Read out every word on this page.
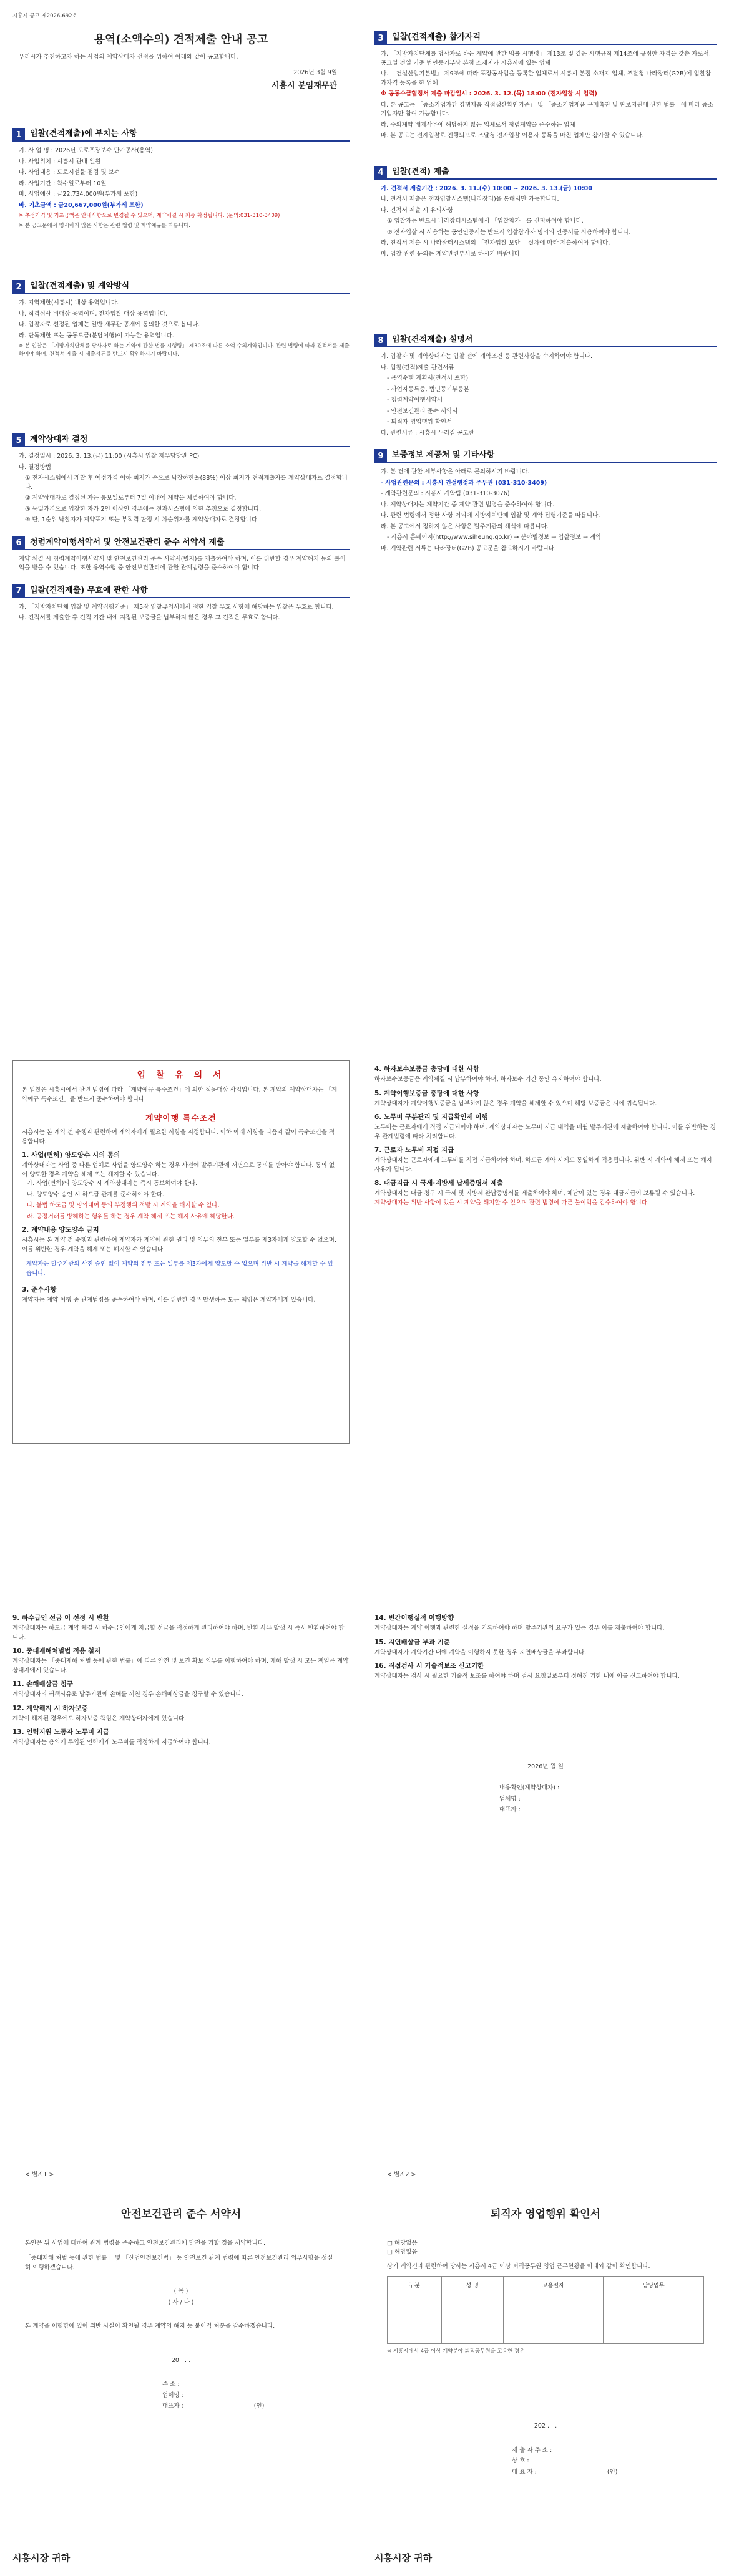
시흥시 공고 제2026-692호
용역(소액수의) 견적제출 안내 공고
우리시가 추진하고자 하는 사업의 계약상대자 선정을 위하여 아래와 같이 공고합니다.
2026년 3월 9일
시흥시 분임재무관
1	입찰(견적제출)에 부치는 사항

가. 사 업 명 : 2026년 도로포장보수 단가공사(용역)

나. 사업위치 : 시흥시 관내 일원

다. 사업내용 : 도로시설물 점검 및 보수

라. 사업기간 : 착수일로부터 10일

마. 사업예산 : 금22,734,000원(부가세 포함)

바. 기초금액 : 금20,667,000원(부가세 포함)

※ 추정가격 및 기초금액은 안내사항으로 변경될 수 있으며, 계약체결 시 최종 확정됩니다. (문의:031-310-3409)

※ 본 공고문에서 명시하지 않은 사항은 관련 법령 및 계약예규를 따릅니다.

2	입찰(견적제출) 및 계약방식

가. 지역제한(시흥시) 내상 용역입니다.

나. 적격심사 비대상 용역이며, 전자입찰 대상 용역입니다.

다. 입찰자로 선정된 업체는 일반 재무관 공개에 동의한 것으로 봅니다.

라. 단독제한 또는 공동도급(분담이행)이 가능한 용역입니다.

※ 본 입찰은 「지방자치단체를 당사자로 하는 계약에 관한 법률 시행령」 제30조에 따른 소액 수의계약입니다. 관련 법령에 따라 견적서를 제출하여야 하며, 견적서 제출 시 제출서류를 반드시 확인하시기 바랍니다.

5	계약상대자 결정

가. 결정일시 : 2026. 3. 13.(금) 11:00 (시흥시 입찰 재무담당관 PC)

나. 결정방법

① 전자시스템에서 개찰 후 예정가격 이하 최저가 순으로 낙찰하한율(88%) 이상 최저가 견적제출자를 계약상대자로 결정합니다.

② 계약상대자로 결정된 자는 통보일로부터 7일 이내에 계약을 체결하여야 합니다.

③ 동일가격으로 입찰한 자가 2인 이상인 경우에는 전자시스템에 의한 추첨으로 결정합니다.

④ 단, 1순위 낙찰자가 계약포기 또는 부적격 판정 시 차순위자를 계약상대자로 결정합니다.

6	청렴계약이행서약서 및 안전보건관리 준수 서약서 제출
계약 체결 시 청렴계약이행서약서 및 안전보건관리 준수 서약서(별지)를 제출하여야 하며, 이를 위반할 경우 계약해지 등의 불이익을 받을 수 있습니다. 또한 용역수행 중 안전보건관리에 관한 관계법령을 준수하여야 합니다.
7	입찰(견적제출) 무효에 관한 사항

가. 「지방자치단체 입찰 및 계약집행기준」 제5장 입찰유의서에서 정한 입찰 무효 사항에 해당하는 입찰은 무효로 합니다.

나. 견적서를 제출한 후 견적 기간 내에 지정된 보증금을 납부하지 않은 경우 그 견적은 무효로 합니다.

3	입찰(견적제출) 참가자격

가. 「지방자치단체를 당사자로 하는 계약에 관한 법률 시행령」 제13조 및 같은 시행규칙 제14조에 규정한 자격을 갖춘 자로서, 공고일 전일 기준 법인등기부상 본점 소재지가 시흥시에 있는 업체

나. 「건설산업기본법」 제9조에 따라 포장공사업을 등록한 업체로서 시흥시 본점 소재지 업체, 조달청 나라장터(G2B)에 입찰참가자격 등록을 한 업체

※ 공동수급협정서 제출 마감일시 : 2026. 3. 12.(목) 18:00 (전자입찰 시 입력)

다. 본 공고는 「중소기업자간 경쟁제품 직접생산확인기준」 및 「중소기업제품 구매촉진 및 판로지원에 관한 법률」에 따라 중소기업자만 참여 가능합니다.

라. 수의계약 배제사유에 해당하지 않는 업체로서 청렴계약을 준수하는 업체

마. 본 공고는 전자입찰로 진행되므로 조달청 전자입찰 이용자 등록을 마친 업체만 참가할 수 있습니다.

4	입찰(견적) 제출

가. 견적서 제출기간 : 2026. 3. 11.(수) 10:00 ~ 2026. 3. 13.(금) 10:00

나. 견적서 제출은 전자입찰시스템(나라장터)을 통해서만 가능합니다.

다. 견적서 제출 시 유의사항

① 입찰자는 반드시 나라장터시스템에서 「입찰참가」를 신청하여야 합니다.

② 전자입찰 시 사용하는 공인인증서는 반드시 입찰참가자 명의의 인증서를 사용하여야 합니다.

라. 견적서 제출 시 나라장터시스템의 「전자입찰 보안」 절차에 따라 제출하여야 합니다.

마. 입찰 관련 문의는 계약관련부서로 하시기 바랍니다.

8	입찰(견적제출) 설명서

가. 입찰자 및 계약상대자는 입찰 전에 계약조건 등 관련사항을 숙지하여야 합니다.

나. 입찰(견적)제출 관련서류

- 용역수행 계획서(견적서 포함)

- 사업자등록증, 법인등기부등본

- 청렴계약이행서약서

- 안전보건관리 준수 서약서

- 퇴직자 영업행위 확인서

다. 관련서류 : 시흥시 누리집 공고란

9	보증정보 제공처 및 기타사항

가. 본 건에 관한 세부사항은 아래로 문의하시기 바랍니다.

- 사업관련문의 : 시흥시 건설행정과 주무관 (031-310-3409)

- 계약관련문의 : 시흥시 계약팀 (031-310-3076)

나. 계약상대자는 계약기간 중 계약 관련 법령을 준수하여야 합니다.

다. 관련 법령에서 정한 사항 이외에 지방자치단체 입찰 및 계약 집행기준을 따릅니다.

라. 본 공고에서 정하지 않은 사항은 발주기관의 해석에 따릅니다.

- 시흥시 홈페이지(http://www.siheung.go.kr) → 분야별정보 → 입찰정보 → 계약

마. 계약관련 서류는 나라장터(G2B) 공고문을 참고하시기 바랍니다.

입 찰 유 의 서
본 입찰은 시흥시에서 관련 법령에 따라 「계약예규 특수조건」에 의한 적용대상 사업입니다. 본 계약의 계약상대자는 「계약예규 특수조건」을 반드시 준수하여야 합니다.
계약이행 특수조건
시흥시는 본 계약 전 수행과 관련하여 계약자에게 필요한 사항을 지정합니다. 이하 아래 사항을 다음과 같이 특수조건을 적용합니다.
1. 사업(면허) 양도양수 시의 동의
계약상대자는 사업 중 다른 업체로 사업을 양도양수 하는 경우 사전에 발주기관에 서면으로 동의를 받아야 합니다. 동의 없이 양도한 경우 계약을 해제 또는 해지할 수 있습니다.

가. 사업(면허)의 양도양수 시 계약상대자는 즉시 통보하여야 한다.

나. 양도양수 승인 시 하도급 관계를 준수하여야 한다.

다. 불법 하도급 및 명의대여 등의 부정행위 적발 시 계약을 해지할 수 있다.

라. 공정거래를 방해하는 행위를 하는 경우 계약 해제 또는 해지 사유에 해당한다.

2. 계약내용 양도양수 금지
시흥시는 본 계약 전 수행과 관련하여 계약자가 계약에 관한 권리 및 의무의 전부 또는 일부를 제3자에게 양도할 수 없으며, 이를 위반한 경우 계약을 해제 또는 해지할 수 있습니다.
계약자는 발주기관의 사전 승인 없이 계약의 전부 또는 일부를 제3자에게 양도할 수 없으며 위반 시 계약을 해제할 수 있습니다.
3. 준수사항
계약자는 계약 이행 중 관계법령을 준수하여야 하며, 이를 위반한 경우 발생하는 모든 책임은 계약자에게 있습니다.
4. 하자보수보증금 충당에 대한 사항
하자보수보증금은 계약체결 시 납부하여야 하며, 하자보수 기간 동안 유지하여야 합니다.
5. 계약이행보증금 충당에 대한 사항
계약상대자가 계약이행보증금을 납부하지 않은 경우 계약을 해제할 수 있으며 해당 보증금은 시에 귀속됩니다.
6. 노무비 구분관리 및 지급확인제 이행
노무비는 근로자에게 직접 지급되어야 하며, 계약상대자는 노무비 지급 내역을 매월 발주기관에 제출하여야 합니다. 이를 위반하는 경우 관계법령에 따라 처리합니다.
7. 근로자 노무비 직접 지급
계약상대자는 근로자에게 노무비를 직접 지급하여야 하며, 하도급 계약 시에도 동일하게 적용됩니다. 위반 시 계약의 해제 또는 해지 사유가 됩니다.
8. 대금지급 시 국세·지방세 납세증명서 제출
계약상대자는 대금 청구 시 국세 및 지방세 완납증명서를 제출하여야 하며, 체납이 있는 경우 대금지급이 보류될 수 있습니다.
계약상대자는 위반 사항이 있을 시 계약을 해지할 수 있으며 관련 법령에 따른 불이익을 감수하여야 합니다.
9. 하수급인 선금 이 선정 시 반환
계약상대자는 하도급 계약 체결 시 하수급인에게 지급할 선금을 적정하게 관리하여야 하며, 반환 사유 발생 시 즉시 반환하여야 합니다.
10. 중대재해처벌법 적용 철저
계약상대자는 「중대재해 처벌 등에 관한 법률」에 따른 안전 및 보건 확보 의무를 이행하여야 하며, 재해 발생 시 모든 책임은 계약상대자에게 있습니다.
11. 손해배상금 청구
계약상대자의 귀책사유로 발주기관에 손해를 끼친 경우 손해배상금을 청구할 수 있습니다.
12. 계약해지 시 하자보증
계약이 해지된 경우에도 하자보증 책임은 계약상대자에게 있습니다.
13. 인력지원 노동자 노무비 지급
계약상대자는 용역에 투입된 인력에게 노무비를 적정하게 지급하여야 합니다.
14. 빈간이행실적 이행방향
계약상대자는 계약 이행과 관련한 실적을 기록하여야 하며 발주기관의 요구가 있는 경우 이를 제출하여야 합니다.
15. 지연배상금 부과 기준
계약상대자가 계약기간 내에 계약을 이행하지 못한 경우 지연배상금을 부과합니다.
16. 직접검사 시 기술적보조 신고기한
계약상대자는 검사 시 필요한 기술적 보조를 하여야 하며 검사 요청일로부터 정해진 기한 내에 이를 신고하여야 합니다.
2026년 월 일

내용확인(계약상대자) :

업체명 :

대표자 :

< 별지1 >
안전보건관리 준수 서약서
본인은 위 사업에 대하여 관계 법령을 준수하고 안전보건관리에 만전을 기할 것을 서약합니다.
「중대재해 처벌 등에 관한 법률」 및 「산업안전보건법」 등 안전보건 관계 법령에 따른 안전보건관리 의무사항을 성실히 이행하겠습니다.

( 목 )

( 사 / 나 )

본 계약을 이행함에 있어 위반 사실이 확인될 경우 계약의 해지 등 불이익 처분을 감수하겠습니다.
20 . . .

주 소 :

업체명 :

대표자 :	(인)

시흥시장 귀하
< 별지2 >
퇴직자 영업행위 확인서
□ 해당없음
□ 해당있음
상기 계약건과 관련하여 당사는 시흥시 4급 이상 퇴직공무원 영업 근무현황을 아래와 같이 확인합니다.
구분	성 명	고용일자	담당업무

※ 시흥시에서 4급 이상 계약분야 퇴직공무원을 고용한 경우
202 . . .

제 출 자 주 소 :

상 호 :

대 표 자 :	(인)

시흥시장 귀하
